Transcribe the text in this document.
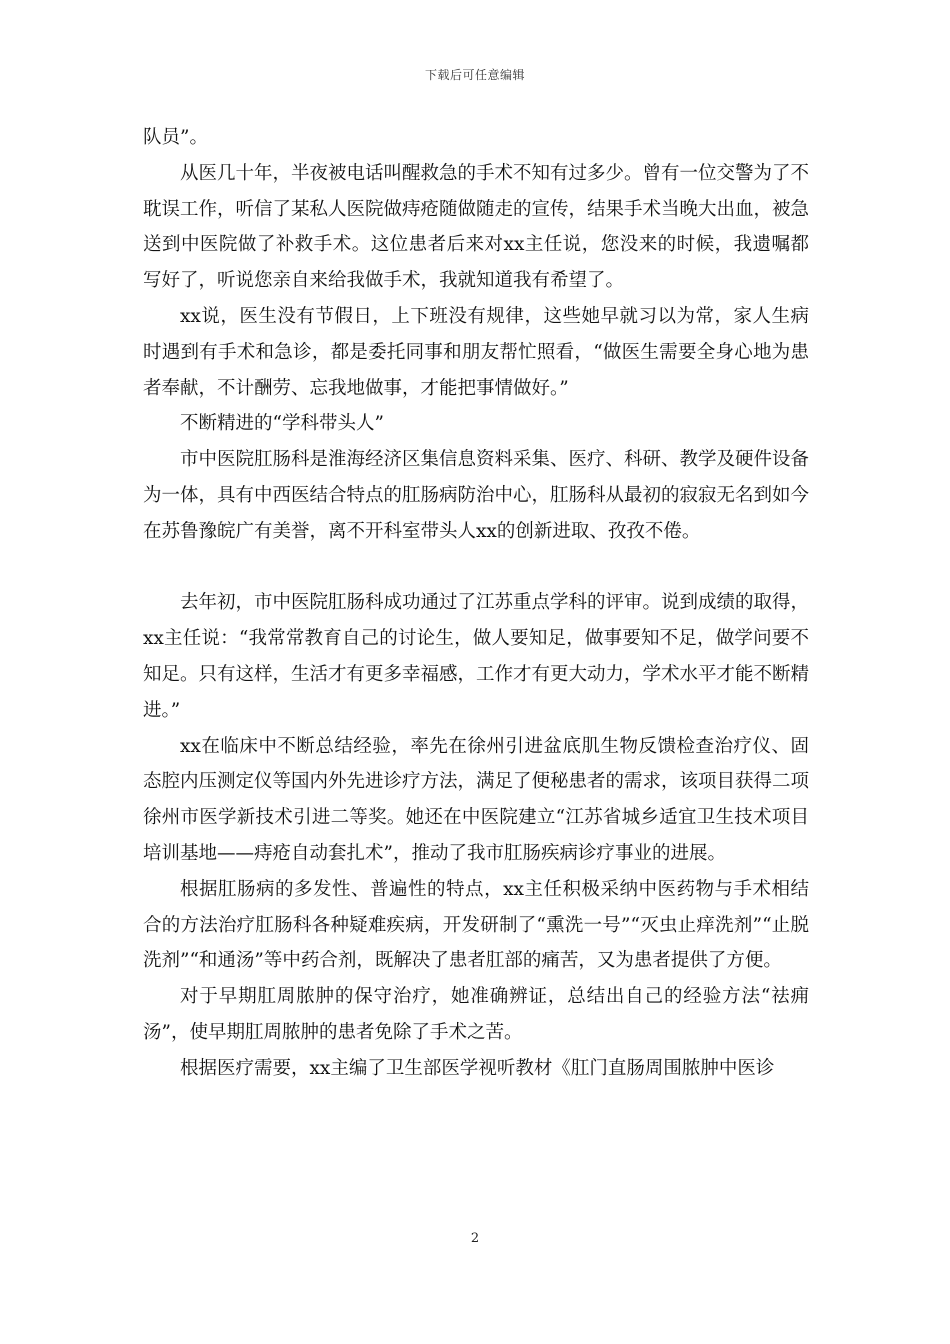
下载后可任意编辑

队员”。

从医几十年，半夜被电话叫醒救急的手术不知有过多少。曾有一位交警为了不耽误工作，听信了某私人医院做痔疮随做随走的宣传，结果手术当晚大出血，被急送到中医院做了补救手术。这位患者后来对xx主任说，您没来的时候，我遗嘱都写好了，听说您亲自来给我做手术，我就知道我有希望了。

xx说，医生没有节假日，上下班没有规律，这些她早就习以为常，家人生病时遇到有手术和急诊，都是委托同事和朋友帮忙照看，“做医生需要全身心地为患者奉献，不计酬劳、忘我地做事，才能把事情做好。”

不断精进的“学科带头人”

市中医院肛肠科是淮海经济区集信息资料采集、医疗、科研、教学及硬件设备为一体，具有中西医结合特点的肛肠病防治中心，肛肠科从最初的寂寂无名到如今在苏鲁豫皖广有美誉，离不开科室带头人xx的创新进取、孜孜不倦。

去年初，市中医院肛肠科成功通过了江苏重点学科的评审。说到成绩的取得，xx主任说：“我常常教育自己的讨论生，做人要知足，做事要知不足，做学问要不知足。只有这样，生活才有更多幸福感，工作才有更大动力，学术水平才能不断精进。”

xx在临床中不断总结经验，率先在徐州引进盆底肌生物反馈检查治疗仪、固态腔内压测定仪等国内外先进诊疗方法，满足了便秘患者的需求，该项目获得二项徐州市医学新技术引进二等奖。她还在中医院建立“江苏省城乡适宜卫生技术项目培训基地——痔疮自动套扎术”，推动了我市肛肠疾病诊疗事业的进展。

根据肛肠病的多发性、普遍性的特点，xx主任积极采纳中医药物与手术相结合的方法治疗肛肠科各种疑难疾病，开发研制了“熏洗一号”“灭虫止痒洗剂”“止脱洗剂”“和通汤”等中药合剂，既解决了患者肛部的痛苦，又为患者提供了方便。

对于早期肛周脓肿的保守治疗，她准确辨证，总结出自己的经验方法“祛痈汤”，使早期肛周脓肿的患者免除了手术之苦。

根据医疗需要，xx主编了卫生部医学视听教材《肛门直肠周围脓肿中医诊

2
